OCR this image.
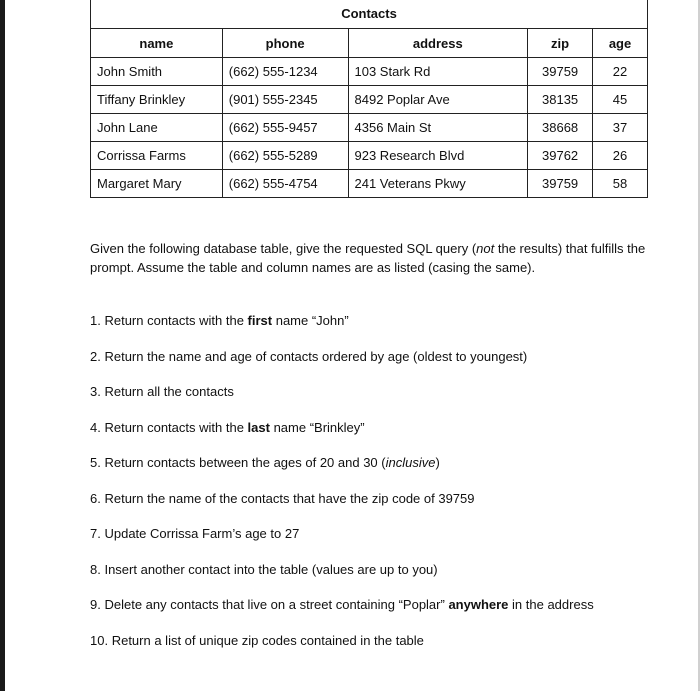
Contacts				
name	phone	address	zip	age
John Smith	(662) 555-1234	103 Stark Rd	39759	22
Tiffany Brinkley	(901) 555-2345	8492 Poplar Ave	38135	45
John Lane	(662) 555-9457	4356 Main St	38668	37
Corrissa Farms	(662) 555-5289	923 Research Blvd	39762	26
Margaret Mary	(662) 555-4754	241 Veterans Pkwy	39759	58

Given the following database table, give the requested SQL query (not the results) that fulfills the prompt. Assume the table and column names are as listed (casing the same).

1. Return contacts with the first name “John”
2. Return the name and age of contacts ordered by age (oldest to youngest)
3. Return all the contacts
4. Return contacts with the last name “Brinkley”
5. Return contacts between the ages of 20 and 30 (inclusive)
6. Return the name of the contacts that have the zip code of 39759
7. Update Corrissa Farm’s age to 27
8. Insert another contact into the table (values are up to you)
9. Delete any contacts that live on a street containing “Poplar” anywhere in the address
10. Return a list of unique zip codes contained in the table
